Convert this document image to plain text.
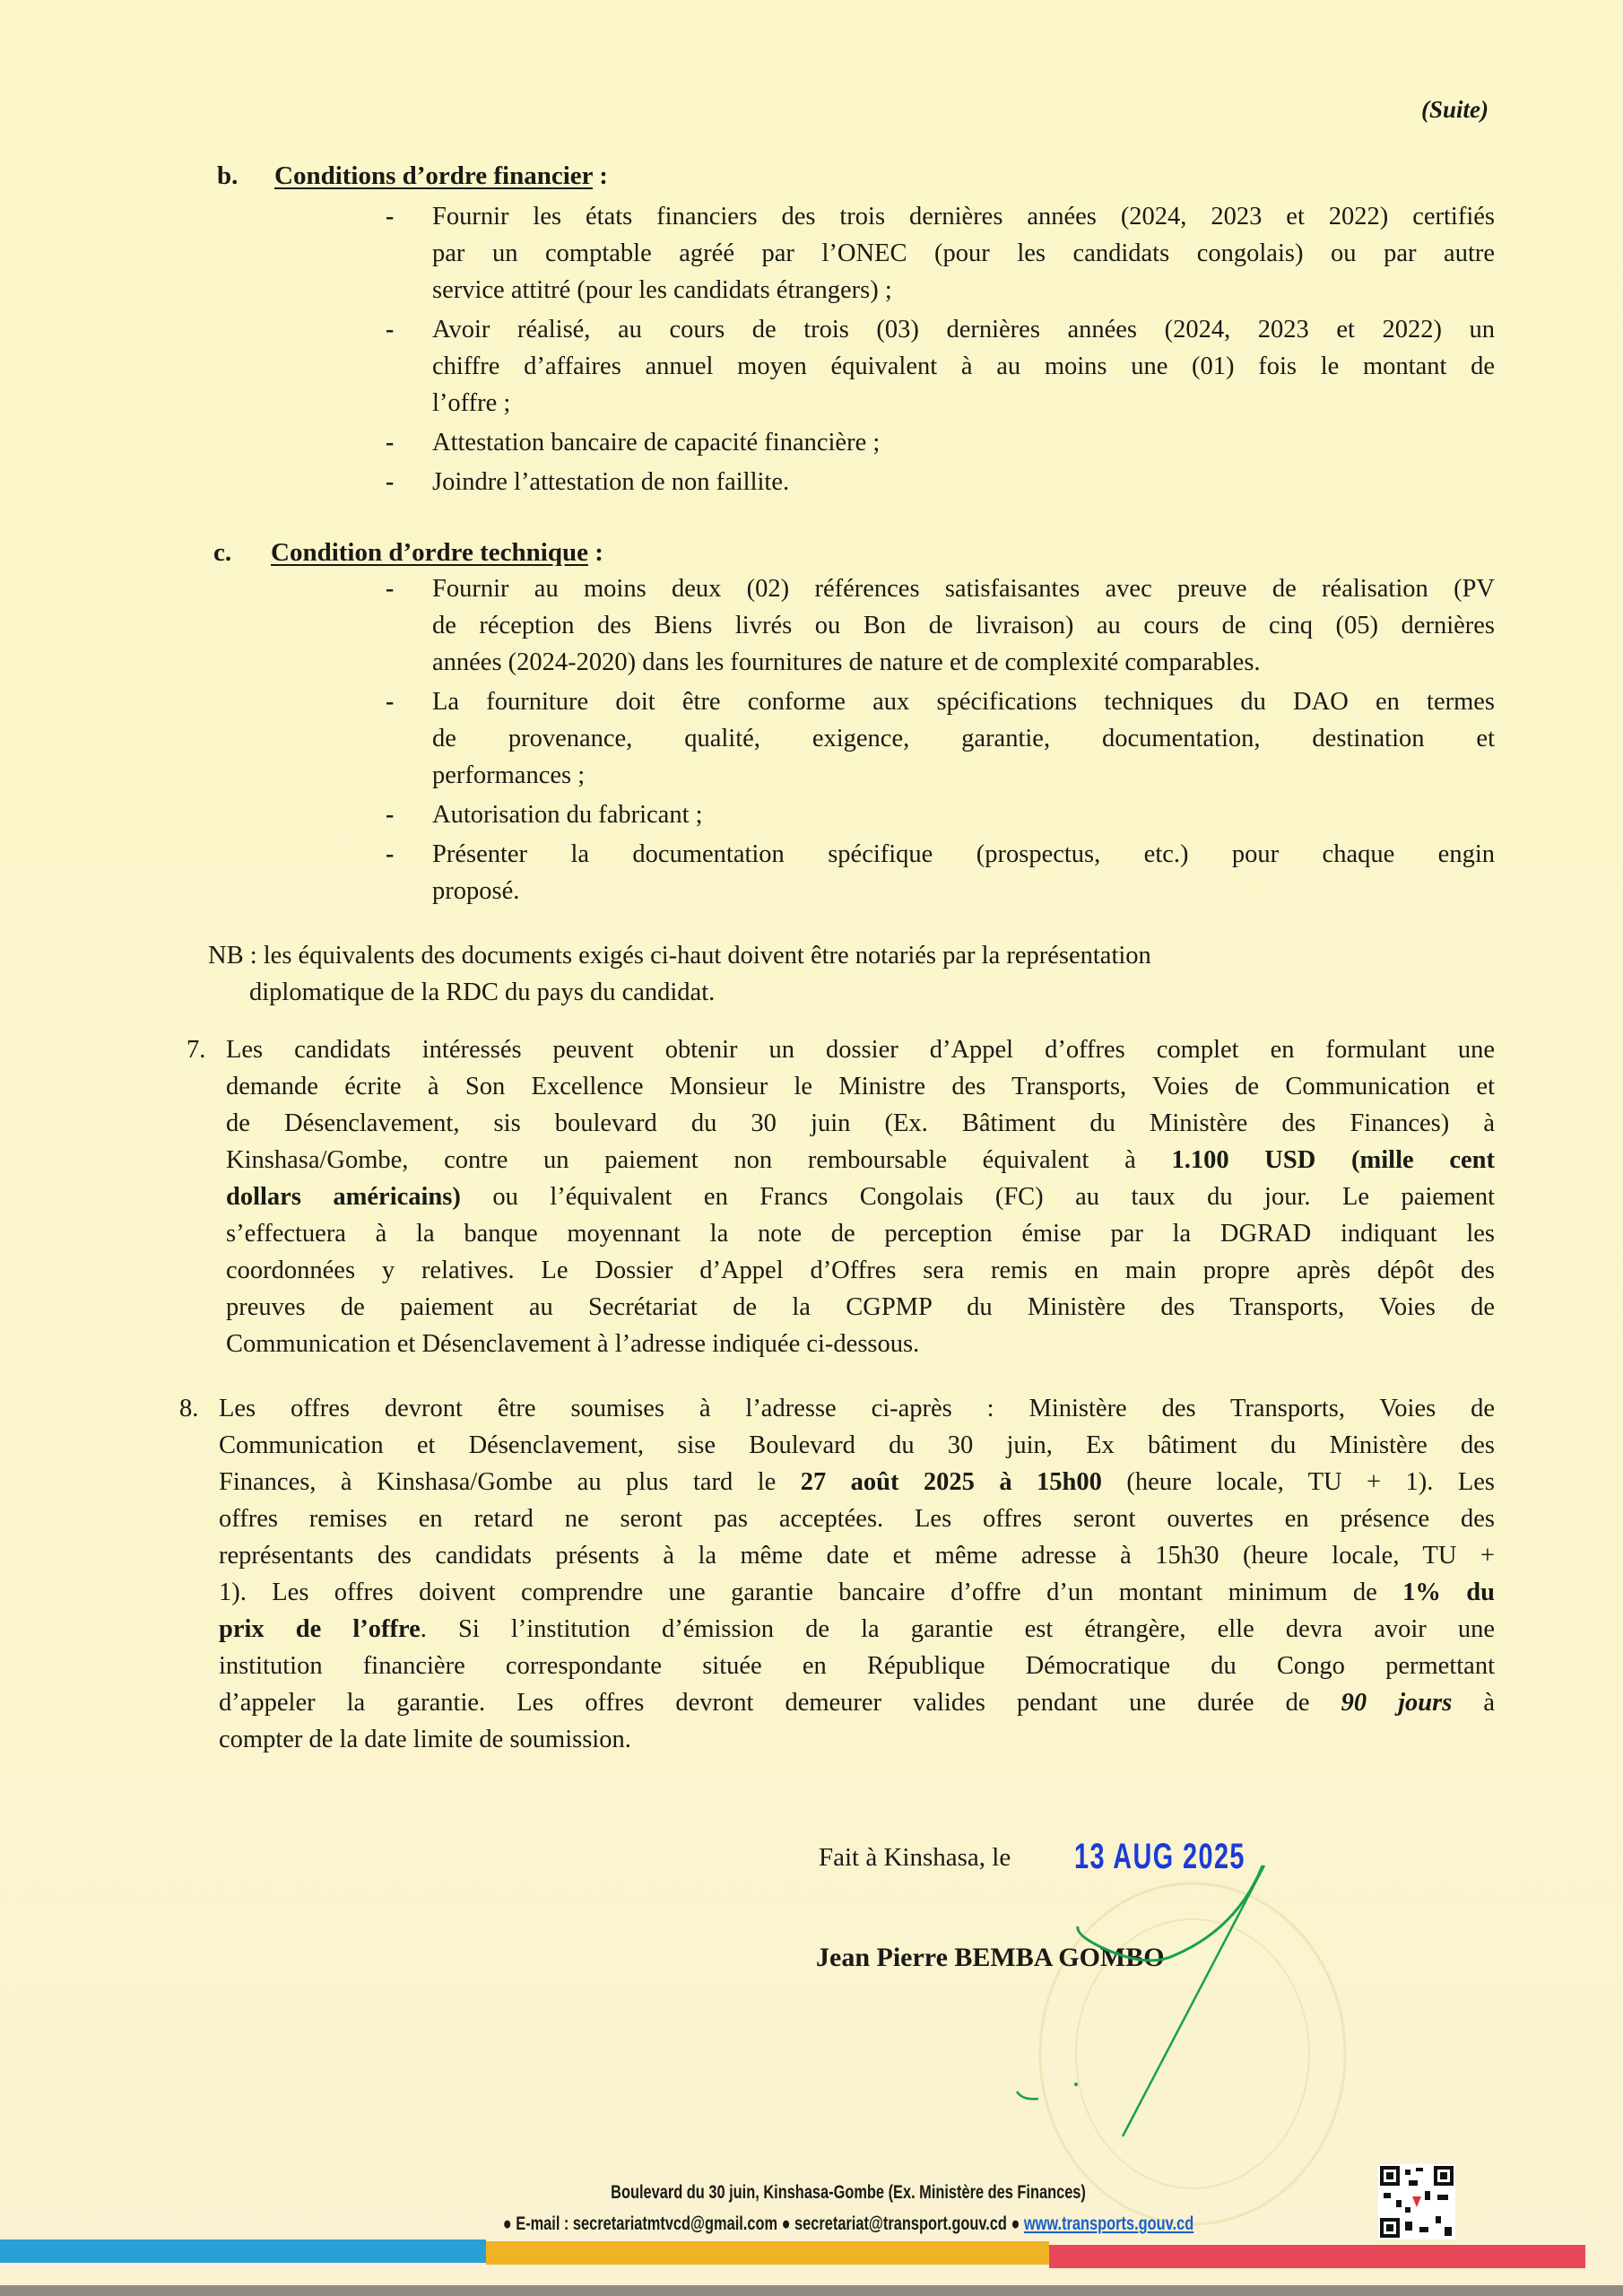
(Suite)
b. Conditions d’ordre financier :
- Fournir les états financiers des trois dernières années (2024, 2023 et 2022) certifiés
par un comptable agréé par l’ONEC (pour les candidats congolais) ou par autre
service attitré (pour les candidats étrangers) ;
- Avoir réalisé, au cours de trois (03) dernières années (2024, 2023 et 2022) un
chiffre d’affaires annuel moyen équivalent à au moins une (01) fois le montant de
l’offre ;
- Attestation bancaire de capacité financière ;
- Joindre l’attestation de non faillite.
c. Condition d’ordre technique :
- Fournir au moins deux (02) références satisfaisantes avec preuve de réalisation (PV
de réception des Biens livrés ou Bon de livraison) au cours de cinq (05) dernières
années (2024-2020) dans les fournitures de nature et de complexité comparables.
- La fourniture doit être conforme aux spécifications techniques du DAO en termes
de provenance, qualité, exigence, garantie, documentation, destination et
performances ;
- Autorisation du fabricant ;
- Présenter la documentation spécifique (prospectus, etc.) pour chaque engin
proposé.
NB : les équivalents des documents exigés ci-haut doivent être notariés par la représentation
diplomatique de la RDC du pays du candidat.
7. Les candidats intéressés peuvent obtenir un dossier d’Appel d’offres complet en formulant une
demande écrite à Son Excellence Monsieur le Ministre des Transports, Voies de Communication et
de Désenclavement, sis boulevard du 30 juin (Ex. Bâtiment du Ministère des Finances) à
Kinshasa/Gombe, contre un paiement non remboursable équivalent à 1.100 USD (mille cent
dollars américains) ou l’équivalent en Francs Congolais (FC) au taux du jour. Le paiement
s’effectuera à la banque moyennant la note de perception émise par la DGRAD indiquant les
coordonnées y relatives. Le Dossier d’Appel d’Offres sera remis en main propre après dépôt des
preuves de paiement au Secrétariat de la CGPMP du Ministère des Transports, Voies de
Communication et Désenclavement à l’adresse indiquée ci-dessous.
8. Les offres devront être soumises à l’adresse ci-après : Ministère des Transports, Voies de
Communication et Désenclavement, sise Boulevard du 30 juin, Ex bâtiment du Ministère des
Finances, à Kinshasa/Gombe au plus tard le 27 août 2025 à 15h00 (heure locale, TU + 1). Les
offres remises en retard ne seront pas acceptées. Les offres seront ouvertes en présence des
représentants des candidats présents à la même date et même adresse à 15h30 (heure locale, TU +
1). Les offres doivent comprendre une garantie bancaire d’offre d’un montant minimum de 1% du
prix de l’offre. Si l’institution d’émission de la garantie est étrangère, elle devra avoir une
institution financière correspondante située en République Démocratique du Congo permettant
d’appeler la garantie. Les offres devront demeurer valides pendant une durée de 90 jours à
compter de la date limite de soumission.
Fait à Kinshasa, le 13 AUG 2025
Jean Pierre BEMBA GOMBO
Boulevard du 30 juin, Kinshasa-Gombe (Ex. Ministère des Finances)
● E-mail : secretariatmtvcd@gmail.com ● secretariat@transport.gouv.cd ● www.transports.gouv.cd
